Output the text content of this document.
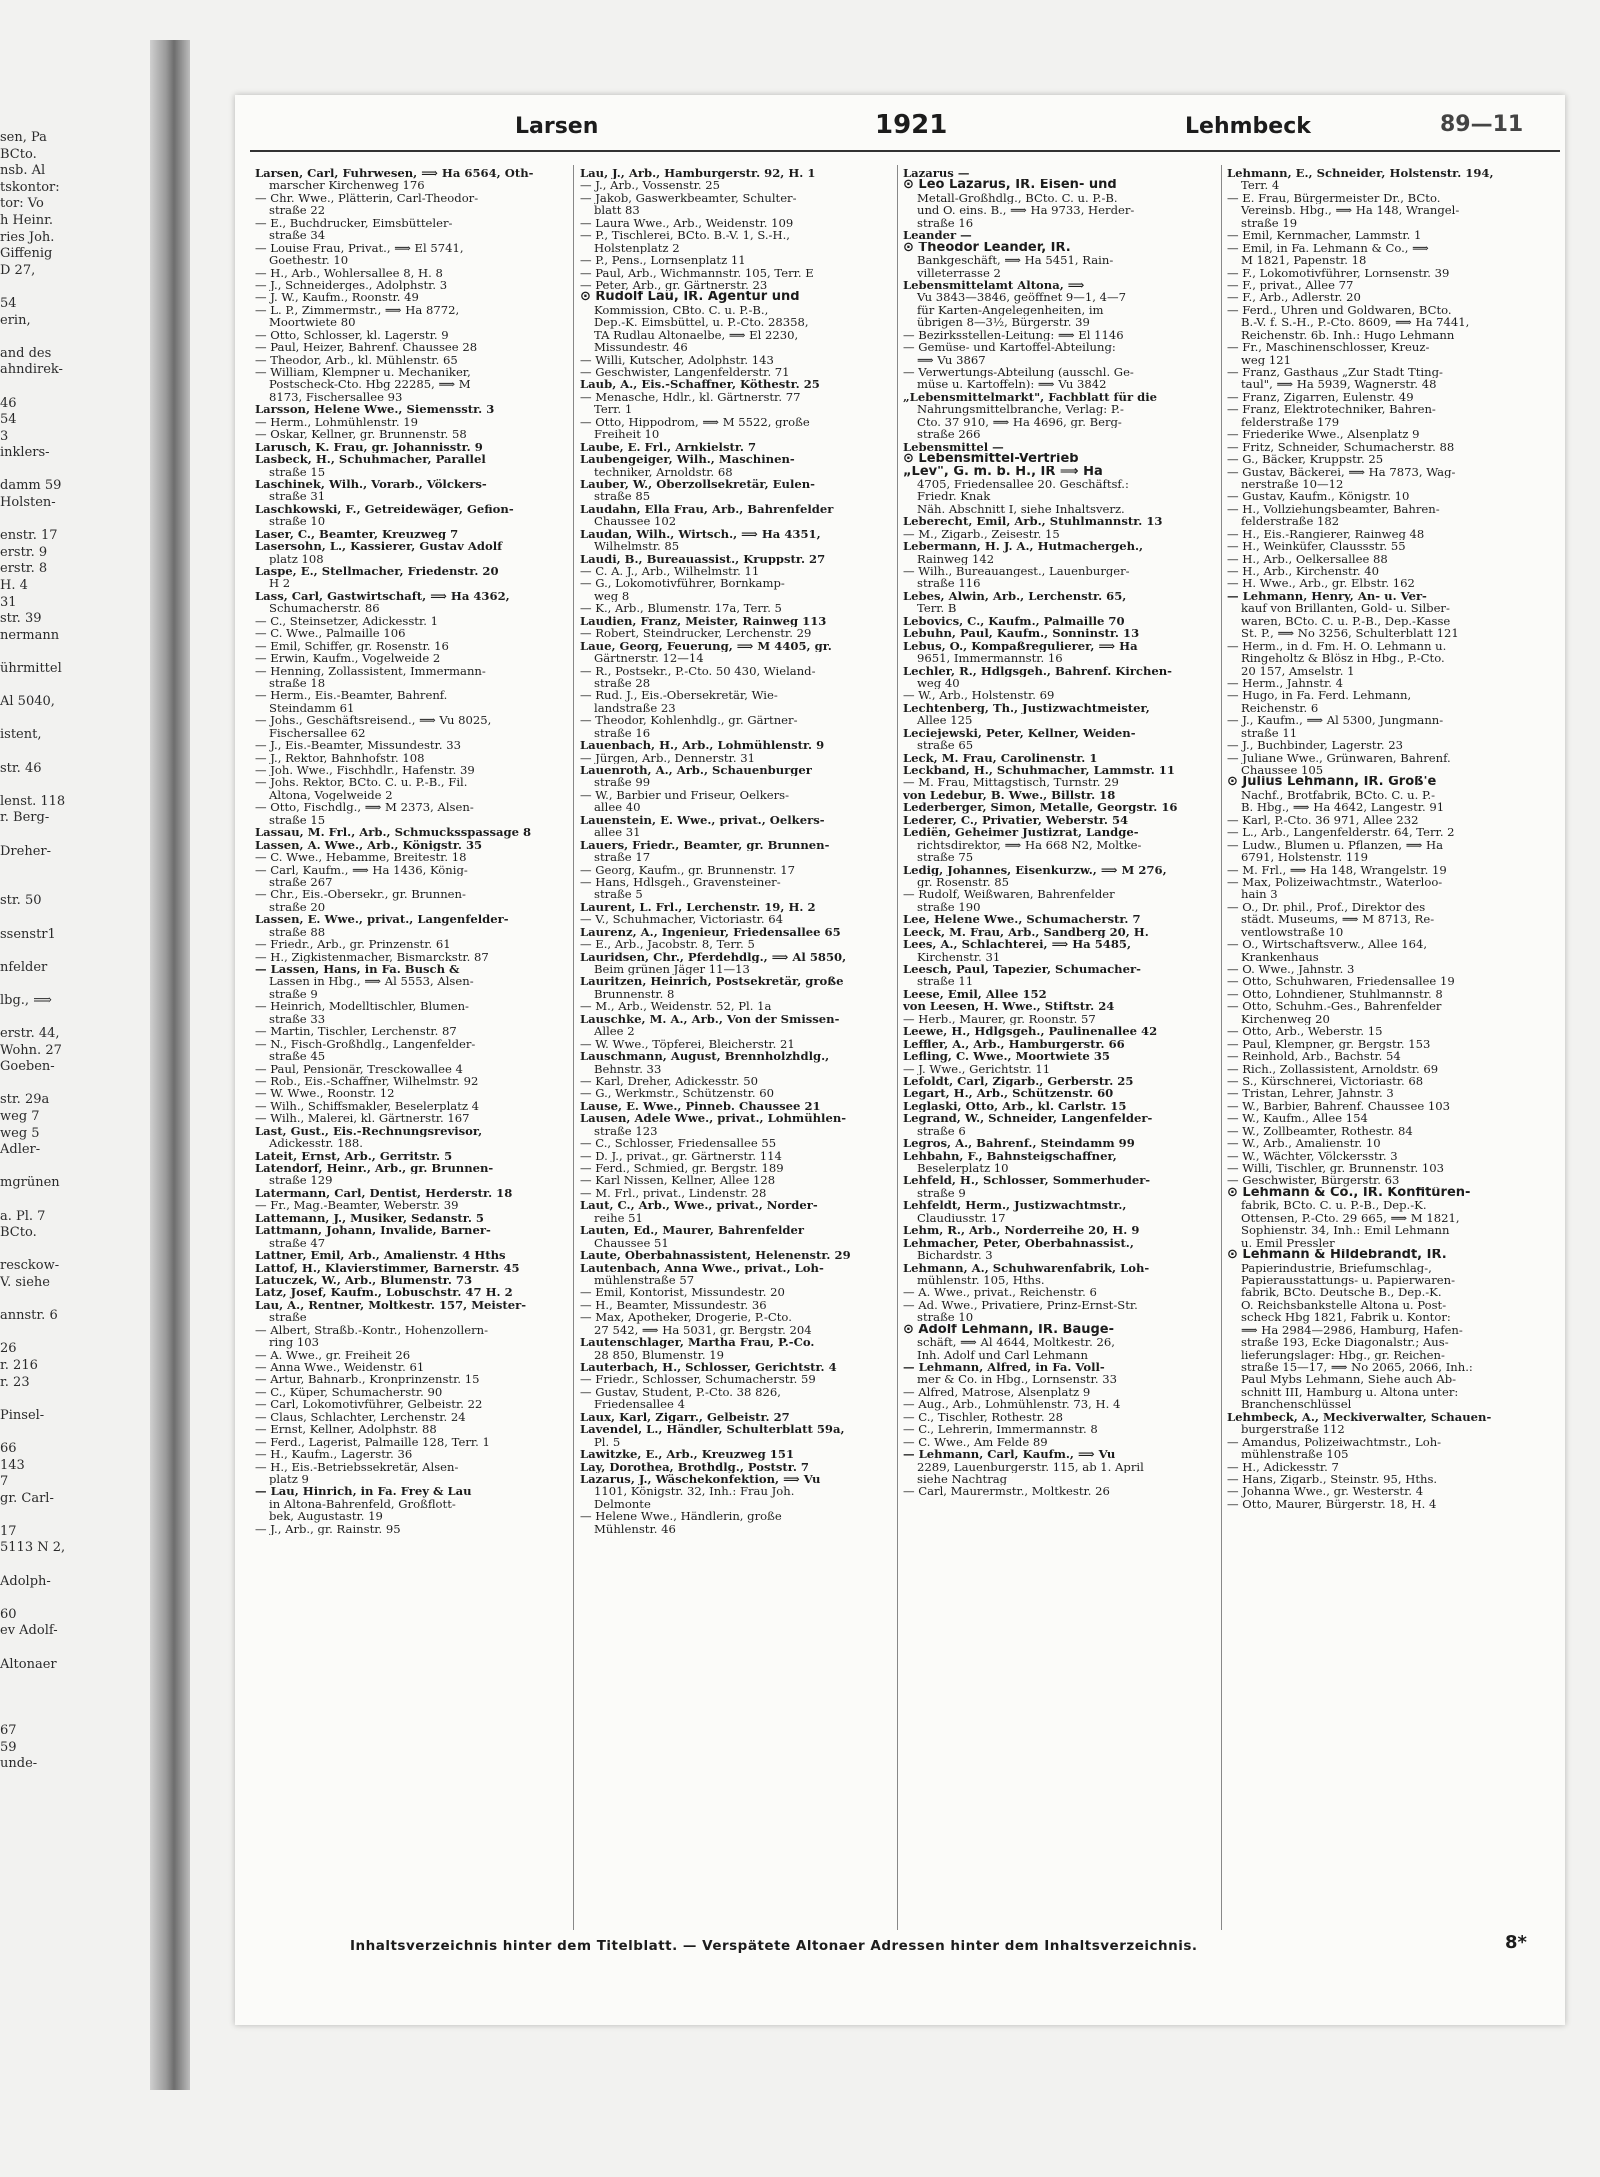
sen, Pa
BCto.
nsb. Al
tskontor:
tor: Vo
h Heinr.
ries Joh.
Giffenig
D 27,
54
erin,
and des
ahndirek-
46
54
3
inklers-
damm 59
Holsten-
enstr. 17
erstr. 9
erstr. 8
H. 4
31
str. 39
nermann
ührmittel
Al 5040,
istent,
str. 46
lenst. 118
r. Berg-
Dreher-
str. 50
ssenstr1
nfelder
lbg., ⟹
erstr. 44,
Wohn. 27
Goeben-
str. 29a
weg 7
weg 5
Adler-
mgrünen
a. Pl. 7
BCto.
resckow-
V. siehe
annstr. 6
26
r. 216
r. 23
Pinsel-
66
143
7
gr. Carl-
17
5113 N 2,
Adolph-
60
ev Adolf-
Altonaer
67
59
unde-
Larsen	1921	Lehmbeck	89—11
Larsen, Carl, Fuhrwesen, ⟹ Ha 6564, Oth-
marscher Kirchenweg 176
— Chr. Wwe., Plätterin, Carl-Theodor-
straße 22
— E., Buchdrucker, Eimsbütteler-
straße 34
— Louise Frau, Privat., ⟹ El 5741,
Goethestr. 10
— H., Arb., Wohlersallee 8, H. 8
— J., Schneiderges., Adolphstr. 3
— J. W., Kaufm., Roonstr. 49
— L. P., Zimmermstr., ⟹ Ha 8772,
Moortwiete 80
— Otto, Schlosser, kl. Lagerstr. 9
— Paul, Heizer, Bahrenf. Chaussee 28
— Theodor, Arb., kl. Mühlenstr. 65
— William, Klempner u. Mechaniker,
Postscheck-Cto. Hbg 22285, ⟹ M
8173, Fischersallee 93
Larsson, Helene Wwe., Siemensstr. 3
— Herm., Lohmühlenstr. 19
— Oskar, Kellner, gr. Brunnenstr. 58
Larusch, K. Frau, gr. Johannisstr. 9
Lasbeck, H., Schuhmacher, Parallel
straße 15
Laschinek, Wilh., Vorarb., Völckers-
straße 31
Laschkowski, F., Getreidewäger, Gefion-
straße 10
Laser, C., Beamter, Kreuzweg 7
Lasersohn, L., Kassierer, Gustav Adolf
platz 108
Laspe, E., Stellmacher, Friedenstr. 20
H 2
Lass, Carl, Gastwirtschaft, ⟹ Ha 4362,
Schumacherstr. 86
— C., Steinsetzer, Adickesstr. 1
— C. Wwe., Palmaille 106
— Emil, Schiffer, gr. Rosenstr. 16
— Erwin, Kaufm., Vogelweide 2
— Henning, Zollassistent, Immermann-
straße 18
— Herm., Eis.-Beamter, Bahrenf.
Steindamm 61
— Johs., Geschäftsreisend., ⟹ Vu 8025,
Fischersallee 62
— J., Eis.-Beamter, Missundestr. 33
— J., Rektor, Bahnhofstr. 108
— Joh. Wwe., Fischhdlr., Hafenstr. 39
— Johs. Rektor, BCto. C. u. P.-B., Fil.
Altona, Vogelweide 2
— Otto, Fischdlg., ⟹ M 2373, Alsen-
straße 15
Lassau, M. Frl., Arb., Schmucksspassage 8
Lassen, A. Wwe., Arb., Königstr. 35
— C. Wwe., Hebamme, Breitestr. 18
— Carl, Kaufm., ⟹ Ha 1436, König-
straße 267
— Chr., Eis.-Obersekr., gr. Brunnen-
straße 20
Lassen, E. Wwe., privat., Langenfelder-
straße 88
— Friedr., Arb., gr. Prinzenstr. 61
— H., Zigkistenmacher, Bismarckstr. 87
— Lassen, Hans, in Fa. Busch &
Lassen in Hbg., ⟹ Al 5553, Alsen-
straße 9
— Heinrich, Modelltischler, Blumen-
straße 33
— Martin, Tischler, Lerchenstr. 87
— N., Fisch-Großhdlg., Langenfelder-
straße 45
— Paul, Pensionär, Tresckowallee 4
— Rob., Eis.-Schaffner, Wilhelmstr. 92
— W. Wwe., Roonstr. 12
— Wilh., Schiffsmakler, Beselerplatz 4
— Wilh., Malerei, kl. Gärtnerstr. 167
Last, Gust., Eis.-Rechnungsrevisor,
Adickesstr. 188.
Lateit, Ernst, Arb., Gerritstr. 5
Latendorf, Heinr., Arb., gr. Brunnen-
straße 129
Latermann, Carl, Dentist, Herderstr. 18
— Fr., Mag.-Beamter, Weberstr. 39
Lattemann, J., Musiker, Sedanstr. 5
Lattmann, Johann, Invalide, Barner-
straße 47
Lattner, Emil, Arb., Amalienstr. 4 Hths
Lattof, H., Klavierstimmer, Barnerstr. 45
Latuczek, W., Arb., Blumenstr. 73
Latz, Josef, Kaufm., Lobuschstr. 47 H. 2
Lau, A., Rentner, Moltkestr. 157, Meister-
straße
— Albert, Straßb.-Kontr., Hohenzollern-
ring 103
— A. Wwe., gr. Freiheit 26
— Anna Wwe., Weidenstr. 61
— Artur, Bahnarb., Kronprinzenstr. 15
— C., Küper, Schumacherstr. 90
— Carl, Lokomotivführer, Gelbeistr. 22
— Claus, Schlachter, Lerchenstr. 24
— Ernst, Kellner, Adolphstr. 88
— Ferd., Lagerist, Palmaille 128, Terr. 1
— H., Kaufm., Lagerstr. 36
— H., Eis.-Betriebssekretär, Alsen-
platz 9
— Lau, Hinrich, in Fa. Frey & Lau
in Altona-Bahrenfeld, Großflott-
bek, Augustastr. 19
— J., Arb., gr. Rainstr. 95
Lau, J., Arb., Hamburgerstr. 92, H. 1
— J., Arb., Vossenstr. 25
— Jakob, Gaswerkbeamter, Schulter-
blatt 83
— Laura Wwe., Arb., Weidenstr. 109
— P., Tischlerei, BCto. B.-V. 1, S.-H.,
Holstenplatz 2
— P., Pens., Lornsenplatz 11
— Paul, Arb., Wichmannstr. 105, Terr. E
— Peter, Arb., gr. Gärtnerstr. 23
⊙ Rudolf Lau, IR. Agentur und
Kommission, CBto. C. u. P.-B.,
Dep.-K. Eimsbüttel, u. P.-Cto. 28358,
TA Rudlau Altonaelbe, ⟹ El 2230,
Missundestr. 46
— Willi, Kutscher, Adolphstr. 143
— Geschwister, Langenfelderstr. 71
Laub, A., Eis.-Schaffner, Köthestr. 25
— Menasche, Hdlr., kl. Gärtnerstr. 77
Terr. 1
— Otto, Hippodrom, ⟹ M 5522, große
Freiheit 10
Laube, E. Frl., Arnkielstr. 7
Laubengeiger, Wilh., Maschinen-
techniker, Arnoldstr. 68
Lauber, W., Oberzollsekretär, Eulen-
straße 85
Laudahn, Ella Frau, Arb., Bahrenfelder
Chaussee 102
Laudan, Wilh., Wirtsch., ⟹ Ha 4351,
Wilhelmstr. 85
Laudi, B., Bureauassist., Kruppstr. 27
— C. A. J., Arb., Wilhelmstr. 11
— G., Lokomotivführer, Bornkamp-
weg 8
— K., Arb., Blumenstr. 17a, Terr. 5
Laudien, Franz, Meister, Rainweg 113
— Robert, Steindrucker, Lerchenstr. 29
Laue, Georg, Feuerung, ⟹ M 4405, gr.
Gärtnerstr. 12—14
— R., Postsekr., P.-Cto. 50 430, Wieland-
straße 28
— Rud. J., Eis.-Obersekretär, Wie-
landstraße 23
— Theodor, Kohlenhdlg., gr. Gärtner-
straße 16
Lauenbach, H., Arb., Lohmühlenstr. 9
— Jürgen, Arb., Dennerstr. 31
Lauenroth, A., Arb., Schauenburger
straße 99
— W., Barbier und Friseur, Oelkers-
allee 40
Lauenstein, E. Wwe., privat., Oelkers-
allee 31
Lauers, Friedr., Beamter, gr. Brunnen-
straße 17
— Georg, Kaufm., gr. Brunnenstr. 17
— Hans, Hdlsgeh., Gravensteiner-
straße 5
Laurent, L. Frl., Lerchenstr. 19, H. 2
— V., Schuhmacher, Victoriastr. 64
Laurenz, A., Ingenieur, Friedensallee 65
— E., Arb., Jacobstr. 8, Terr. 5
Lauridsen, Chr., Pferdehdlg., ⟹ Al 5850,
Beim grünen Jäger 11—13
Lauritzen, Heinrich, Postsekretär, große
Brunnenstr. 8
— M., Arb., Weidenstr. 52, Pl. 1a
Lauschke, M. A., Arb., Von der Smissen-
Allee 2
— W. Wwe., Töpferei, Bleicherstr. 21
Lauschmann, August, Brennholzhdlg.,
Behnstr. 33
— Karl, Dreher, Adickesstr. 50
— G., Werkmstr., Schützenstr. 60
Lause, E. Wwe., Pinneb. Chaussee 21
Lausen, Adele Wwe., privat., Lohmühlen-
straße 123
— C., Schlosser, Friedensallee 55
— D. J., privat., gr. Gärtnerstr. 114
— Ferd., Schmied, gr. Bergstr. 189
— Karl Nissen, Kellner, Allee 128
— M. Frl., privat., Lindenstr. 28
Laut, C., Arb., Wwe., privat., Norder-
reihe 51
Lauten, Ed., Maurer, Bahrenfelder
Chaussee 51
Laute, Oberbahnassistent, Helenenstr. 29
Lautenbach, Anna Wwe., privat., Loh-
mühlenstraße 57
— Emil, Kontorist, Missundestr. 20
— H., Beamter, Missundestr. 36
— Max, Apotheker, Drogerie, P.-Cto.
27 542, ⟹ Ha 5031, gr. Bergstr. 204
Lautenschlager, Martha Frau, P.-Co.
28 850, Blumenstr. 19
Lauterbach, H., Schlosser, Gerichtstr. 4
— Friedr., Schlosser, Schumacherstr. 59
— Gustav, Student, P.-Cto. 38 826,
Friedensallee 4
Laux, Karl, Zigarr., Gelbeistr. 27
Lavendel, L., Händler, Schulterblatt 59a,
Pl. 5
Lawitzke, E., Arb., Kreuzweg 151
Lay, Dorothea, Brothdlg., Poststr. 7
Lazarus, J., Wäschekonfektion, ⟹ Vu
1101, Königstr. 32, Inh.: Frau Joh.
Delmonte
— Helene Wwe., Händlerin, große
Mühlenstr. 46
Lazarus —
⊙ Leo Lazarus, IR. Eisen- und
Metall-Großhdlg., BCto. C. u. P.-B.
und O. eins. B., ⟹ Ha 9733, Herder-
straße 16
Leander —
⊙ Theodor Leander, IR.
Bankgeschäft, ⟹ Ha 5451, Rain-
villeterrasse 2
Lebensmittelamt Altona, ⟹
Vu 3843—3846, geöffnet 9—1, 4—7
für Karten-Angelegenheiten, im
übrigen 8—3½, Bürgerstr. 39
— Bezirksstellen-Leitung: ⟹ El 1146
— Gemüse- und Kartoffel-Abteilung:
⟹ Vu 3867
— Verwertungs-Abteilung (ausschl. Ge-
müse u. Kartoffeln): ⟹ Vu 3842
„Lebensmittelmarkt", Fachblatt für die
Nahrungsmittelbranche, Verlag: P.-
Cto. 37 910, ⟹ Ha 4696, gr. Berg-
straße 266
Lebensmittel —
⊙ Lebensmittel-Vertrieb
„Lev", G. m. b. H., IR ⟹ Ha
4705, Friedensallee 20. Geschäftsf.:
Friedr. Knak
Näh. Abschnitt I, siehe Inhaltsverz.
Leberecht, Emil, Arb., Stuhlmannstr. 13
— M., Zigarb., Zeisestr. 15
Lebermann, H. J. A., Hutmachergeh.,
Rainweg 142
— Wilh., Bureauangest., Lauenburger-
straße 116
Lebes, Alwin, Arb., Lerchenstr. 65,
Terr. B
Lebovics, C., Kaufm., Palmaille 70
Lebuhn, Paul, Kaufm., Sonninstr. 13
Lebus, O., Kompaßregulierer, ⟹ Ha
9651, Immermannstr. 16
Lechler, R., Hdlgsgeh., Bahrenf. Kirchen-
weg 40
— W., Arb., Holstenstr. 69
Lechtenberg, Th., Justizwachtmeister,
Allee 125
Leciejewski, Peter, Kellner, Weiden-
straße 65
Leck, M. Frau, Carolinenstr. 1
Leckband, H., Schuhmacher, Lammstr. 11
— M. Frau, Mittagstisch, Turnstr. 29
von Ledebur, B. Wwe., Billstr. 18
Lederberger, Simon, Metalle, Georgstr. 16
Lederer, C., Privatier, Weberstr. 54
Lediën, Geheimer Justizrat, Landge-
richtsdirektor, ⟹ Ha 668 N2, Moltke-
straße 75
Ledig, Johannes, Eisenkurzw., ⟹ M 276,
gr. Rosenstr. 85
— Rudolf, Weißwaren, Bahrenfelder
straße 190
Lee, Helene Wwe., Schumacherstr. 7
Leeck, M. Frau, Arb., Sandberg 20, H.
Lees, A., Schlachterei, ⟹ Ha 5485,
Kirchenstr. 31
Leesch, Paul, Tapezier, Schumacher-
straße 11
Leese, Emil, Allee 152
von Leesen, H. Wwe., Stiftstr. 24
— Herb., Maurer, gr. Roonstr. 57
Leewe, H., Hdlgsgeh., Paulinenallee 42
Leffler, A., Arb., Hamburgerstr. 66
Lefling, C. Wwe., Moortwiete 35
— J. Wwe., Gerichtstr. 11
Lefoldt, Carl, Zigarb., Gerberstr. 25
Legart, H., Arb., Schützenstr. 60
Leglaski, Otto, Arb., kl. Carlstr. 15
Legrand, W., Schneider, Langenfelder-
straße 6
Legros, A., Bahrenf., Steindamm 99
Lehbahn, F., Bahnsteigschaffner,
Beselerplatz 10
Lehfeld, H., Schlosser, Sommerhuder-
straße 9
Lehfeldt, Herm., Justizwachtmstr.,
Claudiusstr. 17
Lehm, R., Arb., Norderreihe 20, H. 9
Lehmacher, Peter, Oberbahnassist.,
Bichardstr. 3
Lehmann, A., Schuhwarenfabrik, Loh-
mühlenstr. 105, Hths.
— A. Wwe., privat., Reichenstr. 6
— Ad. Wwe., Privatiere, Prinz-Ernst-Str.
straße 10
⊙ Adolf Lehmann, IR. Bauge-
schäft, ⟹ Al 4644, Moltkestr. 26,
Inh. Adolf und Carl Lehmann
— Lehmann, Alfred, in Fa. Voll-
mer & Co. in Hbg., Lornsenstr. 33
— Alfred, Matrose, Alsenplatz 9
— Aug., Arb., Lohmühlenstr. 73, H. 4
— C., Tischler, Rothestr. 28
— C., Lehrerin, Immermannstr. 8
— C. Wwe., Am Felde 89
— Lehmann, Carl, Kaufm., ⟹ Vu
2289, Lauenburgerstr. 115, ab 1. April
siehe Nachtrag
— Carl, Maurermstr., Moltkestr. 26
Lehmann, E., Schneider, Holstenstr. 194,
Terr. 4
— E. Frau, Bürgermeister Dr., BCto.
Vereinsb. Hbg., ⟹ Ha 148, Wrangel-
straße 19
— Emil, Kernmacher, Lammstr. 1
— Emil, in Fa. Lehmann & Co., ⟹
M 1821, Papenstr. 18
— F., Lokomotivführer, Lornsenstr. 39
— F., privat., Allee 77
— F., Arb., Adlerstr. 20
— Ferd., Uhren und Goldwaren, BCto.
B.-V. f. S.-H., P.-Cto. 8609, ⟹ Ha 7441,
Reichenstr. 6b. Inh.: Hugo Lehmann
— Fr., Maschinenschlosser, Kreuz-
weg 121
— Franz, Gasthaus „Zur Stadt Tting-
taul", ⟹ Ha 5939, Wagnerstr. 48
— Franz, Zigarren, Eulenstr. 49
— Franz, Elektrotechniker, Bahren-
felderstraße 179
— Friederike Wwe., Alsenplatz 9
— Fritz, Schneider, Schumacherstr. 88
— G., Bäcker, Kruppstr. 25
— Gustav, Bäckerei, ⟹ Ha 7873, Wag-
nerstraße 10—12
— Gustav, Kaufm., Königstr. 10
— H., Vollziehungsbeamter, Bahren-
felderstraße 182
— H., Eis.-Rangierer, Rainweg 48
— H., Weinküfer, Claussstr. 55
— H., Arb., Oelkersallee 88
— H., Arb., Kirchenstr. 40
— H. Wwe., Arb., gr. Elbstr. 162
— Lehmann, Henry, An- u. Ver-
kauf von Brillanten, Gold- u. Silber-
waren, BCto. C. u. P.-B., Dep.-Kasse
St. P., ⟹ No 3256, Schulterblatt 121
— Herm., in d. Fm. H. O. Lehmann u.
Ringeholtz & Blösz in Hbg., P.-Cto.
20 157, Amselstr. 1
— Herm., Jahnstr. 4
— Hugo, in Fa. Ferd. Lehmann,
Reichenstr. 6
— J., Kaufm., ⟹ Al 5300, Jungmann-
straße 11
— J., Buchbinder, Lagerstr. 23
— Juliane Wwe., Grünwaren, Bahrenf.
Chaussee 105
⊙ Julius Lehmann, IR. Groß'e
Nachf., Brotfabrik, BCto. C. u. P.-
B. Hbg., ⟹ Ha 4642, Langestr. 91
— Karl, P.-Cto. 36 971, Allee 232
— L., Arb., Langenfelderstr. 64, Terr. 2
— Ludw., Blumen u. Pflanzen, ⟹ Ha
6791, Holstenstr. 119
— M. Frl., ⟹ Ha 148, Wrangelstr. 19
— Max, Polizeiwachtmstr., Waterloo-
hain 3
— O., Dr. phil., Prof., Direktor des
städt. Museums, ⟹ M 8713, Re-
ventlowstraße 10
— O., Wirtschaftsverw., Allee 164,
Krankenhaus
— O. Wwe., Jahnstr. 3
— Otto, Schuhwaren, Friedensallee 19
— Otto, Lohndiener, Stuhlmannstr. 8
— Otto, Schuhm.-Ges., Bahrenfelder
Kirchenweg 20
— Otto, Arb., Weberstr. 15
— Paul, Klempner, gr. Bergstr. 153
— Reinhold, Arb., Bachstr. 54
— Rich., Zollassistent, Arnoldstr. 69
— S., Kürschnerei, Victoriastr. 68
— Tristan, Lehrer, Jahnstr. 3
— W., Barbier, Bahrenf. Chaussee 103
— W., Kaufm., Allee 154
— W., Zollbeamter, Rothestr. 84
— W., Arb., Amalienstr. 10
— W., Wächter, Völckersstr. 3
— Willi, Tischler, gr. Brunnenstr. 103
— Geschwister, Bürgerstr. 63
⊙ Lehmann & Co., IR. Konfitüren-
fabrik, BCto. C. u. P.-B., Dep.-K.
Ottensen, P.-Cto. 29 665, ⟹ M 1821,
Sophienstr. 34, Inh.: Emil Lehmann
u. Emil Pressler
⊙ Lehmann & Hildebrandt, IR.
Papierindustrie, Briefumschlag-,
Papierausstattungs- u. Papierwaren-
fabrik, BCto. Deutsche B., Dep.-K.
O. Reichsbankstelle Altona u. Post-
scheck Hbg 1821, Fabrik u. Kontor:
⟹ Ha 2984—2986, Hamburg, Hafen-
straße 193, Ecke Diagonalstr.; Aus-
lieferungslager: Hbg., gr. Reichen-
straße 15—17, ⟹ No 2065, 2066, Inh.:
Paul Mybs Lehmann, Siehe auch Ab-
schnitt III, Hamburg u. Altona unter:
Branchenschlüssel
Lehmbeck, A., Meckiverwalter, Schauen-
burgerstraße 112
— Amandus, Polizeiwachtmstr., Loh-
mühlenstraße 105
— H., Adickesstr. 7
— Hans, Zigarb., Steinstr. 95, Hths.
— Johanna Wwe., gr. Westerstr. 4
— Otto, Maurer, Bürgerstr. 18, H. 4
Inhaltsverzeichnis hinter dem Titelblatt. — Verspätete Altonaer Adressen hinter dem Inhaltsverzeichnis.	8*
